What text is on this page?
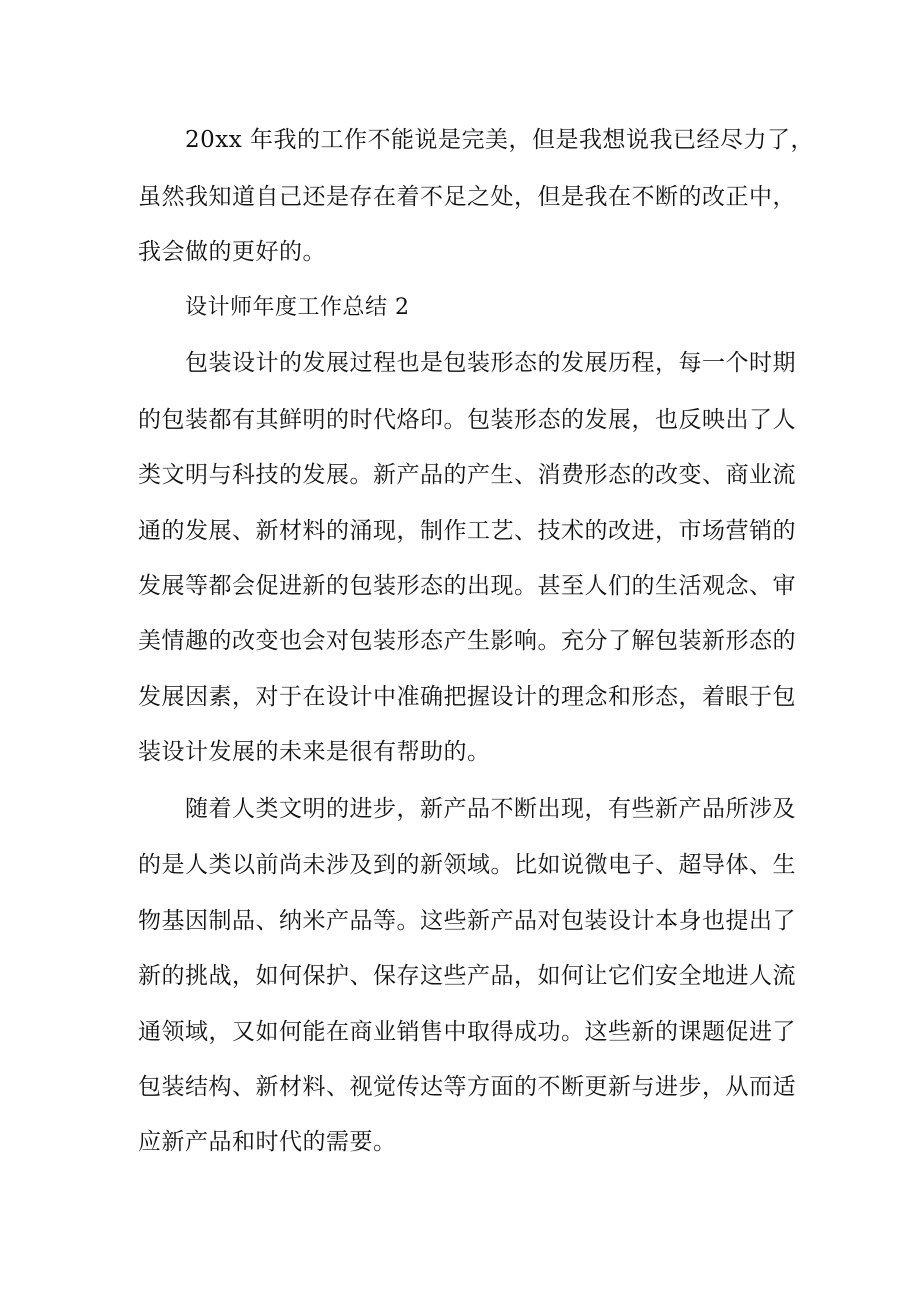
20xx 年我的工作不能说是完美，但是我想说我已经尽力了，

虽然我知道自己还是存在着不足之处，但是我在不断的改正中，

我会做的更好的。

设计师年度工作总结 2

包装设计的发展过程也是包装形态的发展历程，每一个时期

的包装都有其鲜明的时代烙印。包装形态的发展，也反映出了人

类文明与科技的发展。新产品的产生、消费形态的改变、商业流

通的发展、新材料的涌现，制作工艺、技术的改进，市场营销的

发展等都会促进新的包装形态的出现。甚至人们的生活观念、审

美情趣的改变也会对包装形态产生影响。充分了解包装新形态的

发展因素，对于在设计中准确把握设计的理念和形态，着眼于包

装设计发展的未来是很有帮助的。

随着人类文明的进步，新产品不断出现，有些新产品所涉及

的是人类以前尚未涉及到的新领域。比如说微电子、超导体、生

物基因制品、纳米产品等。这些新产品对包装设计本身也提出了

新的挑战，如何保护、保存这些产品，如何让它们安全地进人流

通领域，又如何能在商业销售中取得成功。这些新的课题促进了

包装结构、新材料、视觉传达等方面的不断更新与进步，从而适

应新产品和时代的需要。
